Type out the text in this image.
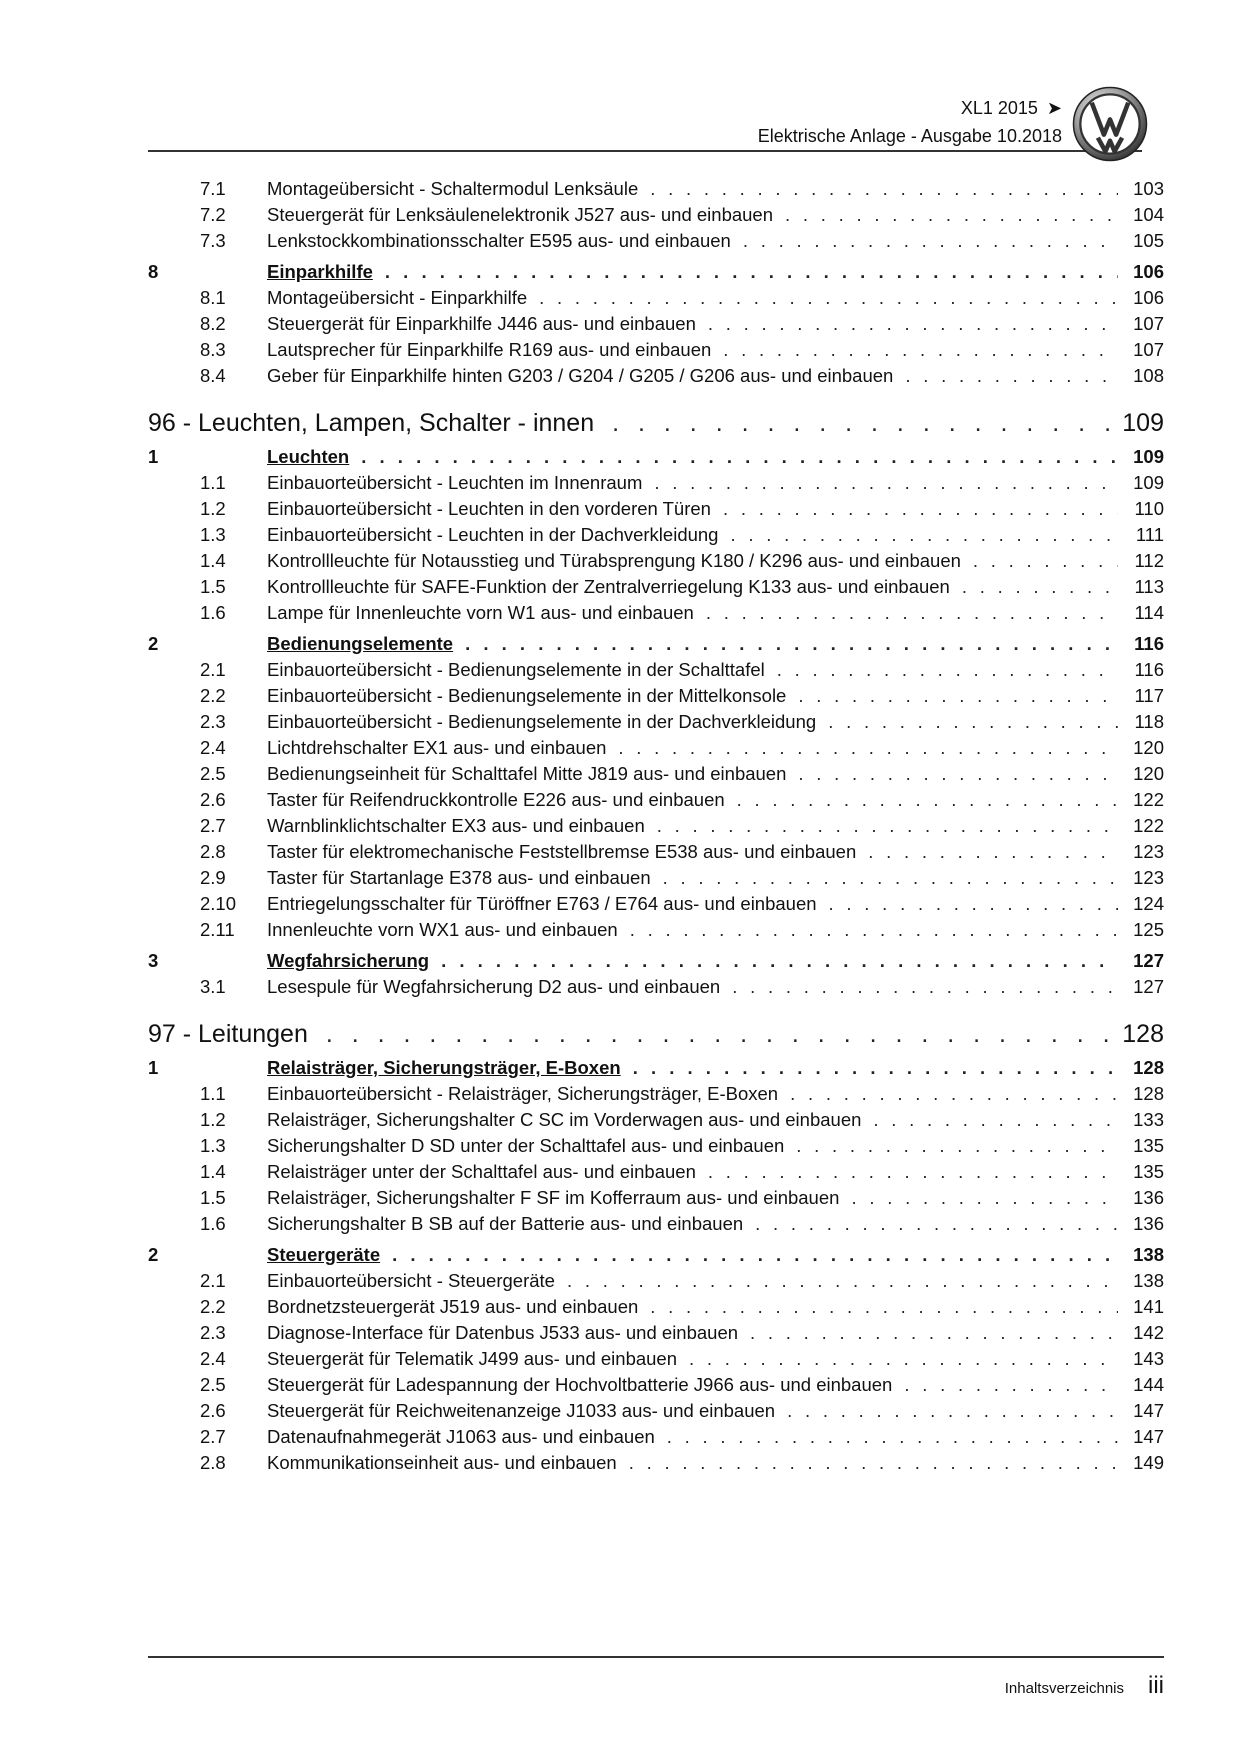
XL1 2015 ➤
Elektrische Anlage - Ausgabe 10.2018
7.1	Montageübersicht - Schaltermodul Lenksäule . . .	103
7.2	Steuergerät für Lenksäulenelektronik J527 aus- und einbauen . . .	104
7.3	Lenkstockkombinationsschalter E595 aus- und einbauen . . .	105
8	Einparkhilfe . . .	106
8.1	Montageübersicht - Einparkhilfe . . .	106
8.2	Steuergerät für Einparkhilfe J446 aus- und einbauen . . .	107
8.3	Lautsprecher für Einparkhilfe R169 aus- und einbauen . . .	107
8.4	Geber für Einparkhilfe hinten G203 / G204 / G205 / G206 aus- und einbauen . . .	108
96 - Leuchten, Lampen, Schalter - innen . . .	109
1	Leuchten . . .	109
1.1	Einbauorteübersicht - Leuchten im Innenraum . . .	109
1.2	Einbauorteübersicht - Leuchten in den vorderen Türen . . .	110
1.3	Einbauorteübersicht - Leuchten in der Dachverkleidung . . .	111
1.4	Kontrollleuchte für Notausstieg und Türabsprengung K180 / K296 aus- und einbauen . . .	112
1.5	Kontrollleuchte für SAFE-Funktion der Zentralverriegelung K133 aus- und einbauen . . .	113
1.6	Lampe für Innenleuchte vorn W1 aus- und einbauen . . .	114
2	Bedienungselemente . . .	116
2.1	Einbauorteübersicht - Bedienungselemente in der Schalttafel . . .	116
2.2	Einbauorteübersicht - Bedienungselemente in der Mittelkonsole . . .	117
2.3	Einbauorteübersicht - Bedienungselemente in der Dachverkleidung . . .	118
2.4	Lichtdrehschalter EX1 aus- und einbauen . . .	120
2.5	Bedienungseinheit für Schalttafel Mitte J819 aus- und einbauen . . .	120
2.6	Taster für Reifendruckkontrolle E226 aus- und einbauen . . .	122
2.7	Warnblinklichtschalter EX3 aus- und einbauen . . .	122
2.8	Taster für elektromechanische Feststellbremse E538 aus- und einbauen . . .	123
2.9	Taster für Startanlage E378 aus- und einbauen . . .	123
2.10	Entriegelungsschalter für Türöffner E763 / E764 aus- und einbauen . . .	124
2.11	Innenleuchte vorn WX1 aus- und einbauen . . .	125
3	Wegfahrsicherung . . .	127
3.1	Lesespule für Wegfahrsicherung D2 aus- und einbauen . . .	127
97 - Leitungen . . .	128
1	Relaisträger, Sicherungsträger, E-Boxen . . .	128
1.1	Einbauorteübersicht - Relaisträger, Sicherungsträger, E-Boxen . . .	128
1.2	Relaisträger, Sicherungshalter C SC im Vorderwagen aus- und einbauen . . .	133
1.3	Sicherungshalter D SD unter der Schalttafel aus- und einbauen . . .	135
1.4	Relaisträger unter der Schalttafel aus- und einbauen . . .	135
1.5	Relaisträger, Sicherungshalter F SF im Kofferraum aus- und einbauen . . .	136
1.6	Sicherungshalter B SB auf der Batterie aus- und einbauen . . .	136
2	Steuergeräte . . .	138
2.1	Einbauorteübersicht - Steuergeräte . . .	138
2.2	Bordnetzsteuergerät J519 aus- und einbauen . . .	141
2.3	Diagnose-Interface für Datenbus J533 aus- und einbauen . . .	142
2.4	Steuergerät für Telematik J499 aus- und einbauen . . .	143
2.5	Steuergerät für Ladespannung der Hochvoltbatterie J966 aus- und einbauen . . .	144
2.6	Steuergerät für Reichweitenanzeige J1033 aus- und einbauen . . .	147
2.7	Datenaufnahmegerät J1063 aus- und einbauen . . .	147
2.8	Kommunikationseinheit aus- und einbauen . . .	149
Inhaltsverzeichnis iii
